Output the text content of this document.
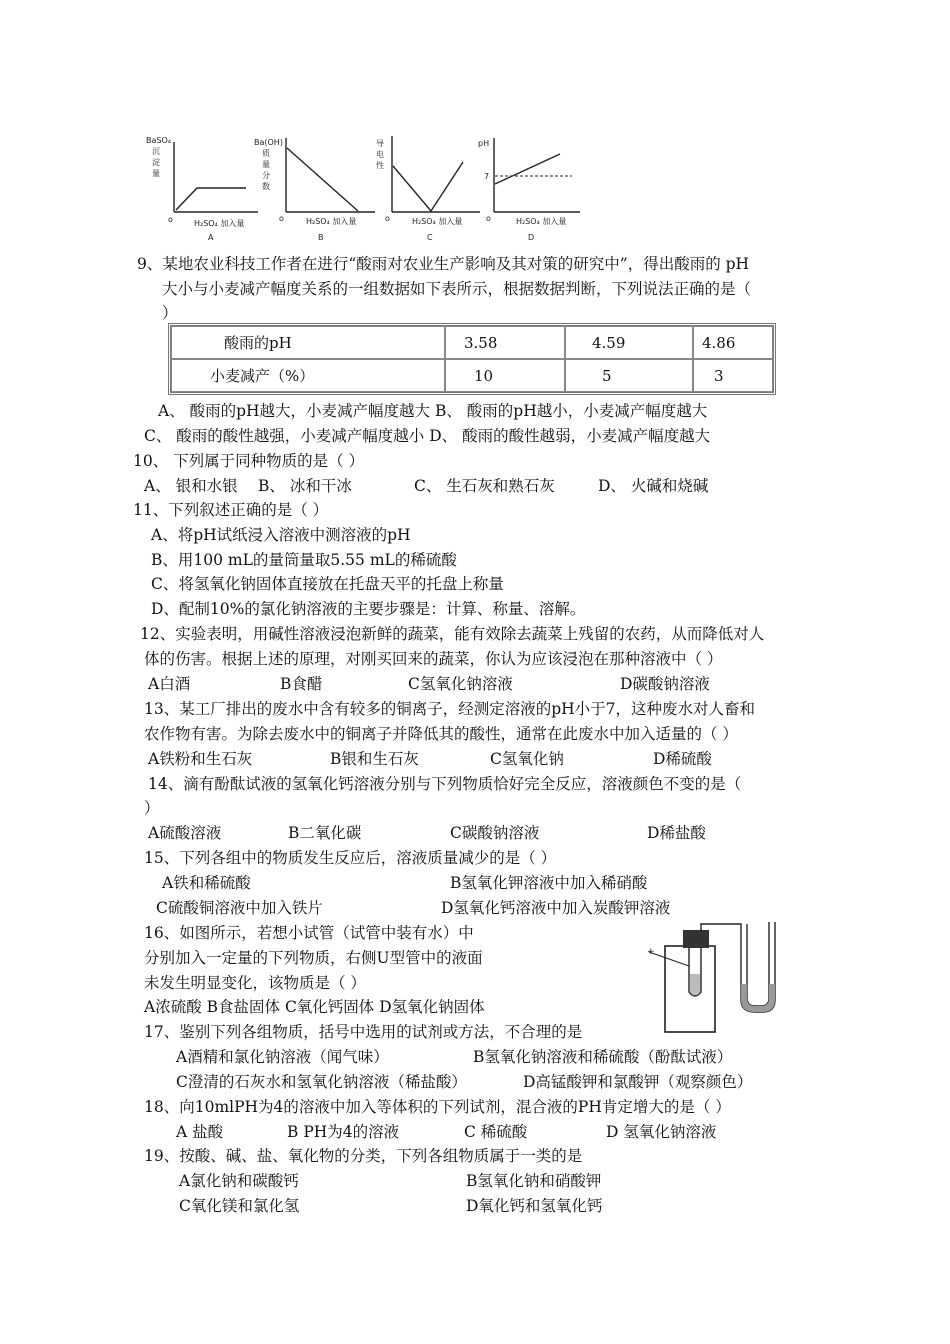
BaSO₄
沉
淀
量
o	H₂SO₄ 加入量
A
Ba(OH)
质
量
分
数
o	H₂SO₄ 加入量
B
导
电
性
o	H₂SO₄ 加入量
C
pH
7
o	H₂SO₄ 加入量
D
9、某地农业科技工作者在进行“酸雨对农业生产影响及其对策的研究中”，得出酸雨的 pH
大小与小麦减产幅度关系的一组数据如下表所示，根据数据判断，下列说法正确的是（
）
酸雨的pH	3.58	4.59	4.86
小麦减产（%）	10	5	3
A、 酸雨的pH越大，小麦减产幅度越大 B、 酸雨的pH越小，小麦减产幅度越大
C、 酸雨的酸性越强，小麦减产幅度越小 D、 酸雨的酸性越弱，小麦减产幅度越大
10、 下列属于同种物质的是（ ）
A、 银和水银 B、 冰和干冰	C、 生石灰和熟石灰	D、 火碱和烧碱
11、下列叙述正确的是（ ）
A、将pH试纸浸入溶液中测溶液的pH
B、用100 mL的量筒量取5.55 mL的稀硫酸
C、将氢氧化钠固体直接放在托盘天平的托盘上称量
D、配制10%的氯化钠溶液的主要步骤是：计算、称量、溶解。
12、实验表明，用碱性溶液浸泡新鲜的蔬菜，能有效除去蔬菜上残留的农药，从而降低对人
体的伤害。根据上述的原理，对刚买回来的蔬菜，你认为应该浸泡在那种溶液中（ ）
A白酒	B食醋	C氢氧化钠溶液	D碳酸钠溶液
13、某工厂排出的废水中含有较多的铜离子，经测定溶液的pH小于7，这种废水对人畜和
农作物有害。为除去废水中的铜离子并降低其的酸性，通常在此废水中加入适量的（ ）
A铁粉和生石灰	B银和生石灰	C氢氧化钠	D稀硫酸
14、滴有酚酞试液的氢氧化钙溶液分别与下列物质恰好完全反应，溶液颜色不变的是（
）
A硫酸溶液	B二氧化碳	C碳酸钠溶液	D稀盐酸
15、下列各组中的物质发生反应后，溶液质量减少的是（ ）
A铁和稀硫酸	B氢氧化钾溶液中加入稀硝酸
C硫酸铜溶液中加入铁片	D氢氧化钙溶液中加入炭酸钾溶液
16、如图所示，若想小试管（试管中装有水）中
分别加入一定量的下列物质，右侧U型管中的液面
未发生明显变化，该物质是（ ）
A浓硫酸 B食盐固体 C氧化钙固体 D氢氧化钠固体
+
17、鉴别下列各组物质，括号中选用的试剂或方法，不合理的是
A酒精和氯化钠溶液（闻气味）	B氢氧化钠溶液和稀硫酸（酚酞试液）
C澄清的石灰水和氢氧化钠溶液（稀盐酸）	D高锰酸钾和氯酸钾（观察颜色）
18、向10mlPH为4的溶液中加入等体积的下列试剂，混合液的PH肯定增大的是（ ）
A 盐酸	B PH为4的溶液	C 稀硫酸	D 氢氧化钠溶液
19、按酸、碱、盐、氧化物的分类，下列各组物质属于一类的是
A氯化钠和碳酸钙	B氢氧化钠和硝酸钾
C氧化镁和氯化氢	D氧化钙和氢氧化钙
